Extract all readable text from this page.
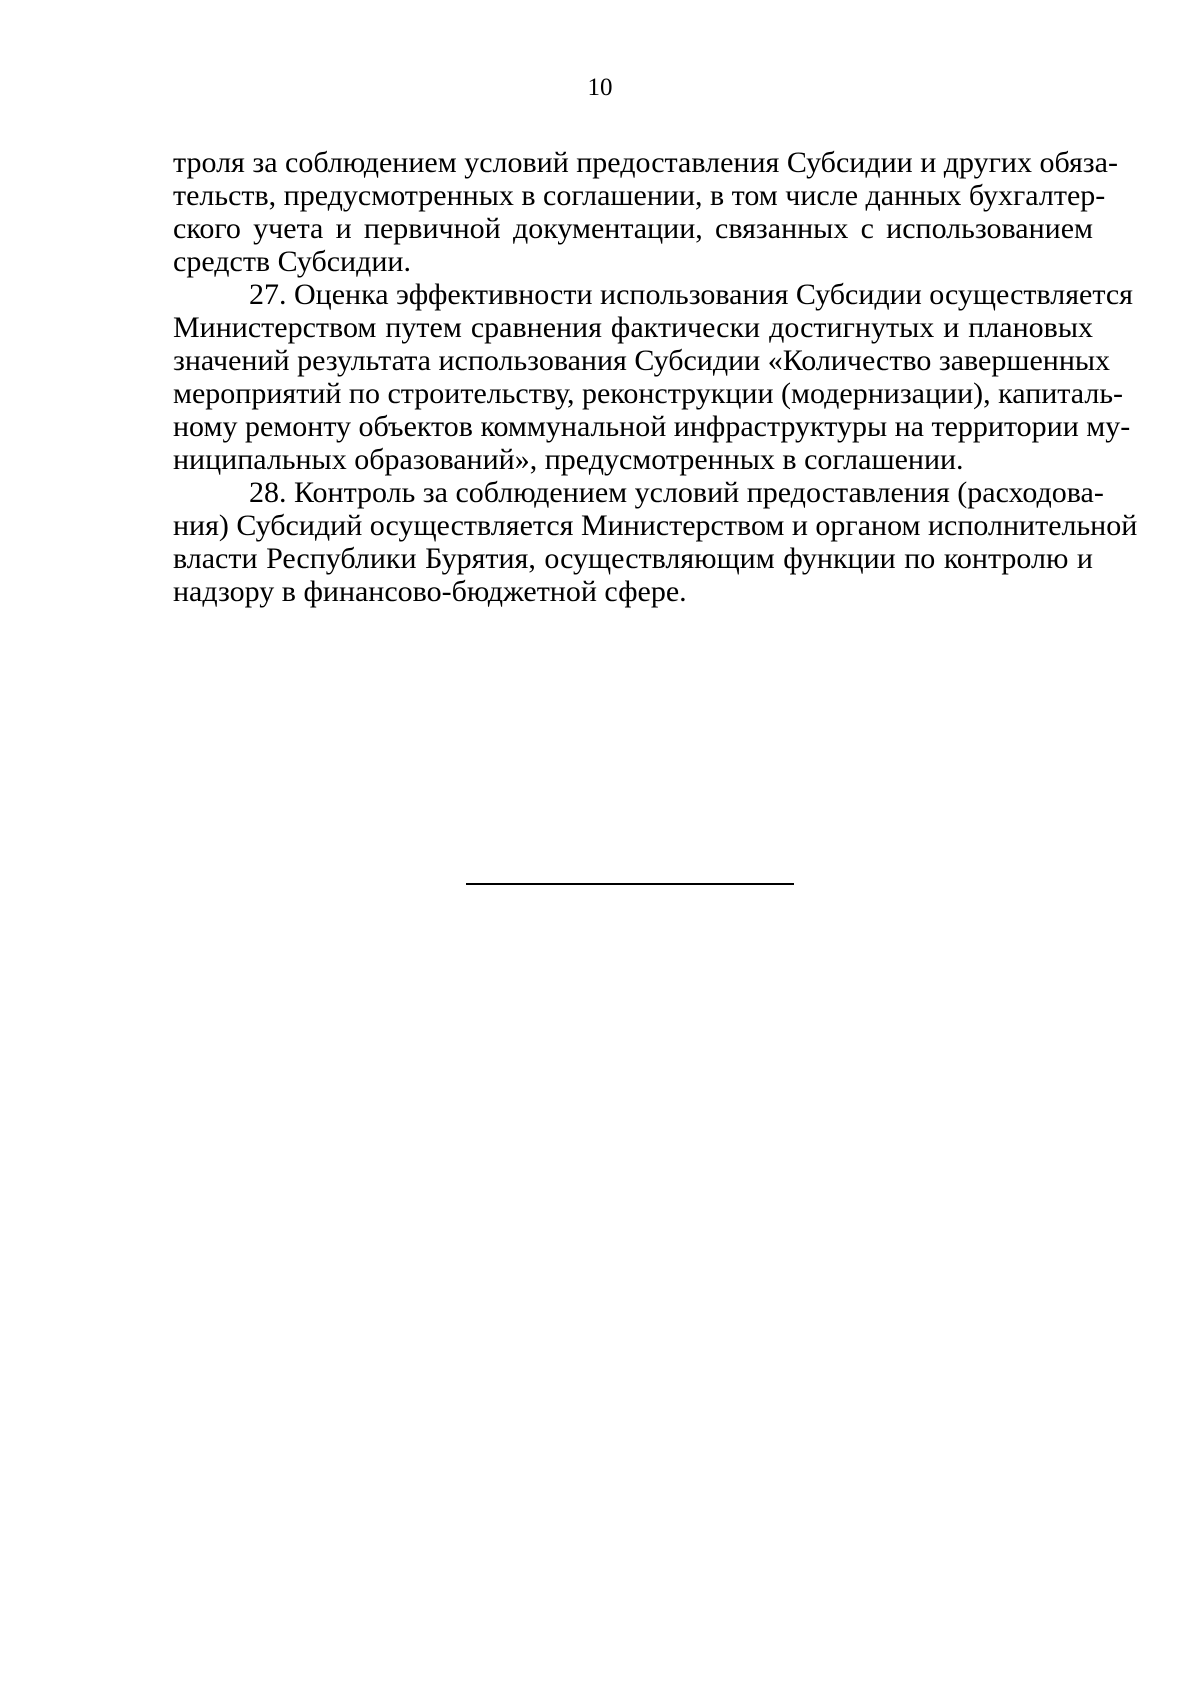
10
троля за соблюдением условий предоставления Субсидии и других обяза-
тельств, предусмотренных в соглашении, в том числе данных бухгалтер-
ского учета и первичной документации, связанных с использованием
средств Субсидии.
27. Оценка эффективности использования Субсидии осуществляется
Министерством путем сравнения фактически достигнутых и плановых
значений результата использования Субсидии «Количество завершенных
мероприятий по строительству, реконструкции (модернизации), капиталь-
ному ремонту объектов коммунальной инфраструктуры на территории му-
ниципальных образований», предусмотренных в соглашении.
28. Контроль за соблюдением условий предоставления (расходова-
ния) Субсидий осуществляется Министерством и органом исполнительной
власти Республики Бурятия, осуществляющим функции по контролю и
надзору в финансово-бюджетной сфере.
